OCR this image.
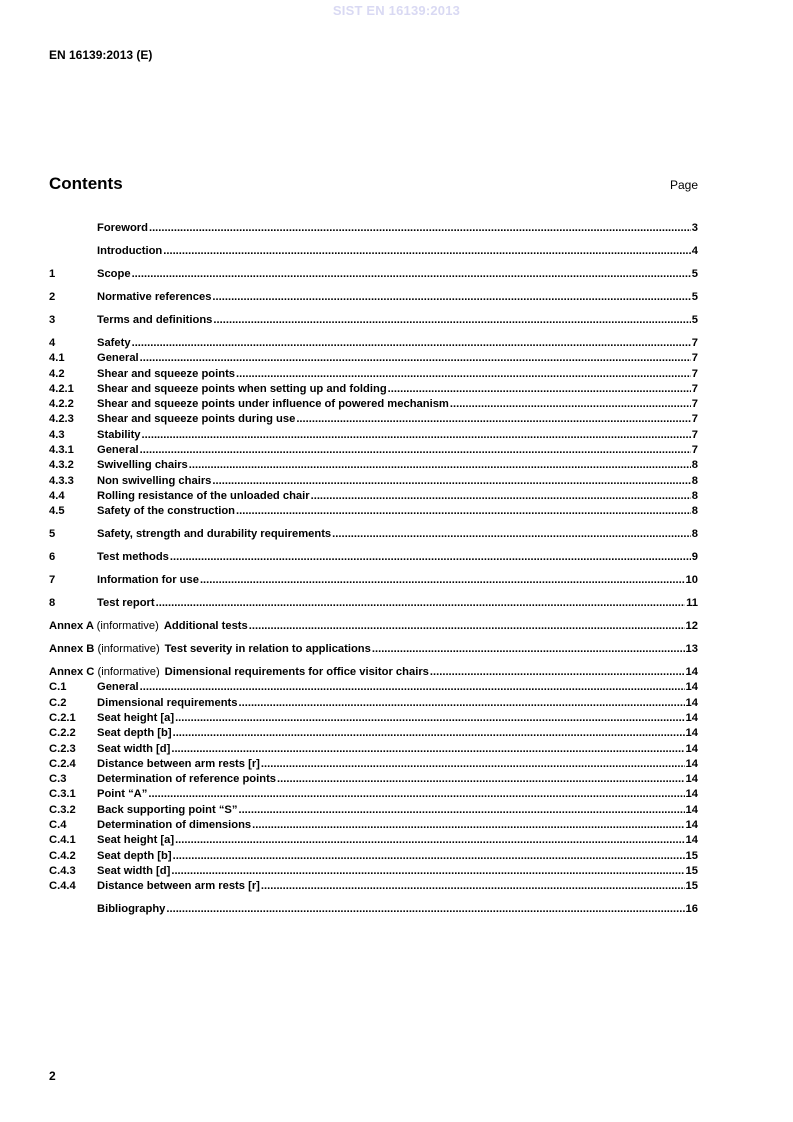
SIST EN 16139:2013
EN 16139:2013 (E)
Contents	Page
Foreword .....	3
Introduction .....	4
1	Scope .....	5
2	Normative references .....	5
3	Terms and definitions .....	5
4	Safety .....	7
4.1	General .....	7
4.2	Shear and squeeze points .....	7
4.2.1	Shear and squeeze points when setting up and folding .....	7
4.2.2	Shear and squeeze points under influence of powered mechanism .....	7
4.2.3	Shear and squeeze points during use .....	7
4.3	Stability .....	7
4.3.1	General .....	7
4.3.2	Swivelling chairs .....	8
4.3.3	Non swivelling chairs .....	8
4.4	Rolling resistance of the unloaded chair .....	8
4.5	Safety of the construction .....	8
5	Safety, strength and durability requirements .....	8
6	Test methods .....	9
7	Information for use .....	10
8	Test report .....	11
Annex A (informative) Additional tests .....	12
Annex B (informative) Test severity in relation to applications .....	13
Annex C (informative) Dimensional requirements for office visitor chairs .....	14
C.1	General .....	14
C.2	Dimensional requirements .....	14
C.2.1	Seat height [a] .....	14
C.2.2	Seat depth [b] .....	14
C.2.3	Seat width [d] .....	14
C.2.4	Distance between arm rests [r] .....	14
C.3	Determination of reference points .....	14
C.3.1	Point “A” .....	14
C.3.2	Back supporting point “S” .....	14
C.4	Determination of dimensions .....	14
C.4.1	Seat height [a] .....	14
C.4.2	Seat depth [b] .....	15
C.4.3	Seat width [d] .....	15
C.4.4	Distance between arm rests [r] .....	15
Bibliography .....	16
2
